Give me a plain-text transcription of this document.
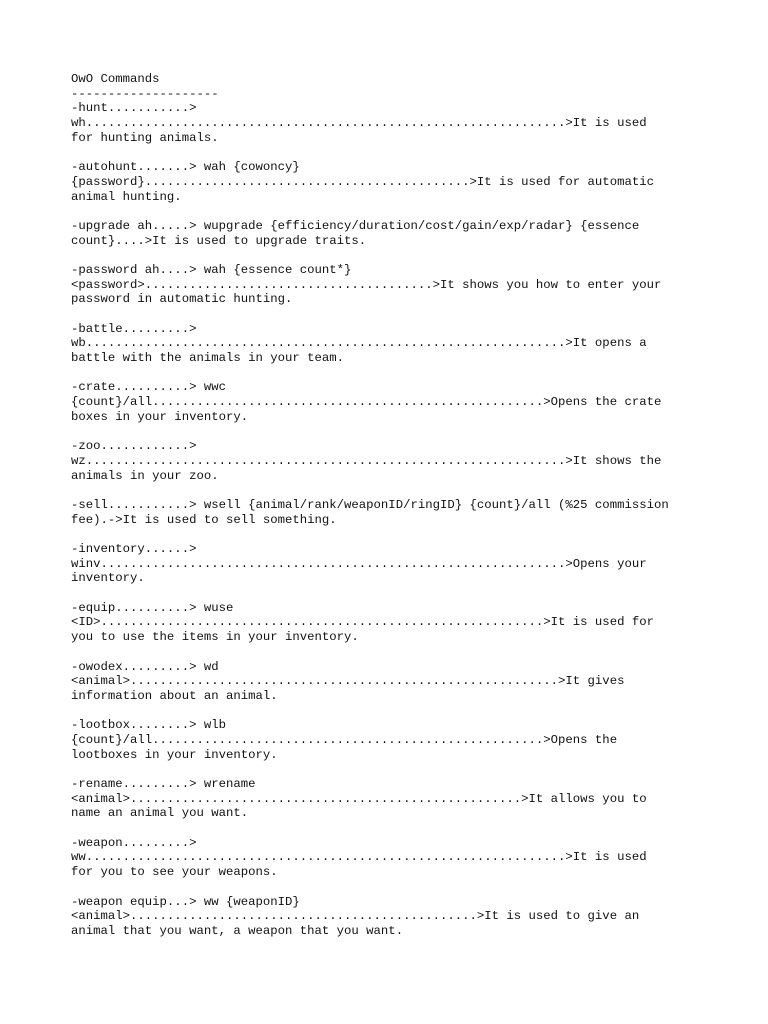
OwO Commands
--------------------
-hunt...........>
wh.................................................................>It is used
for hunting animals.
-autohunt.......> wah {cowoncy}
{password}............................................>It is used for automatic
animal hunting.
-upgrade ah.....> wupgrade {efficiency/duration/cost/gain/exp/radar} {essence
count}....>It is used to upgrade traits.
-password ah....> wah {essence count*}
<password>.......................................>It shows you how to enter your
password in automatic hunting.
-battle.........>
wb.................................................................>It opens a
battle with the animals in your team.
-crate..........> wwc
{count}/all.....................................................>Opens the crate
boxes in your inventory.
-zoo............>
wz.................................................................>It shows the
animals in your zoo.
-sell...........> wsell {animal/rank/weaponID/ringID} {count}/all (%25 commission
fee).->It is used to sell something.
-inventory......>
winv...............................................................>Opens your
inventory.
-equip..........> wuse
<ID>............................................................>It is used for
you to use the items in your inventory.
-owodex.........> wd
<animal>..........................................................>It gives
information about an animal.
-lootbox........> wlb
{count}/all.....................................................>Opens the
lootboxes in your inventory.
-rename.........> wrename
<animal>.....................................................>It allows you to
name an animal you want.
-weapon.........>
ww.................................................................>It is used
for you to see your weapons.
-weapon equip...> ww {weaponID}
<animal>...............................................>It is used to give an
animal that you want, a weapon that you want.
